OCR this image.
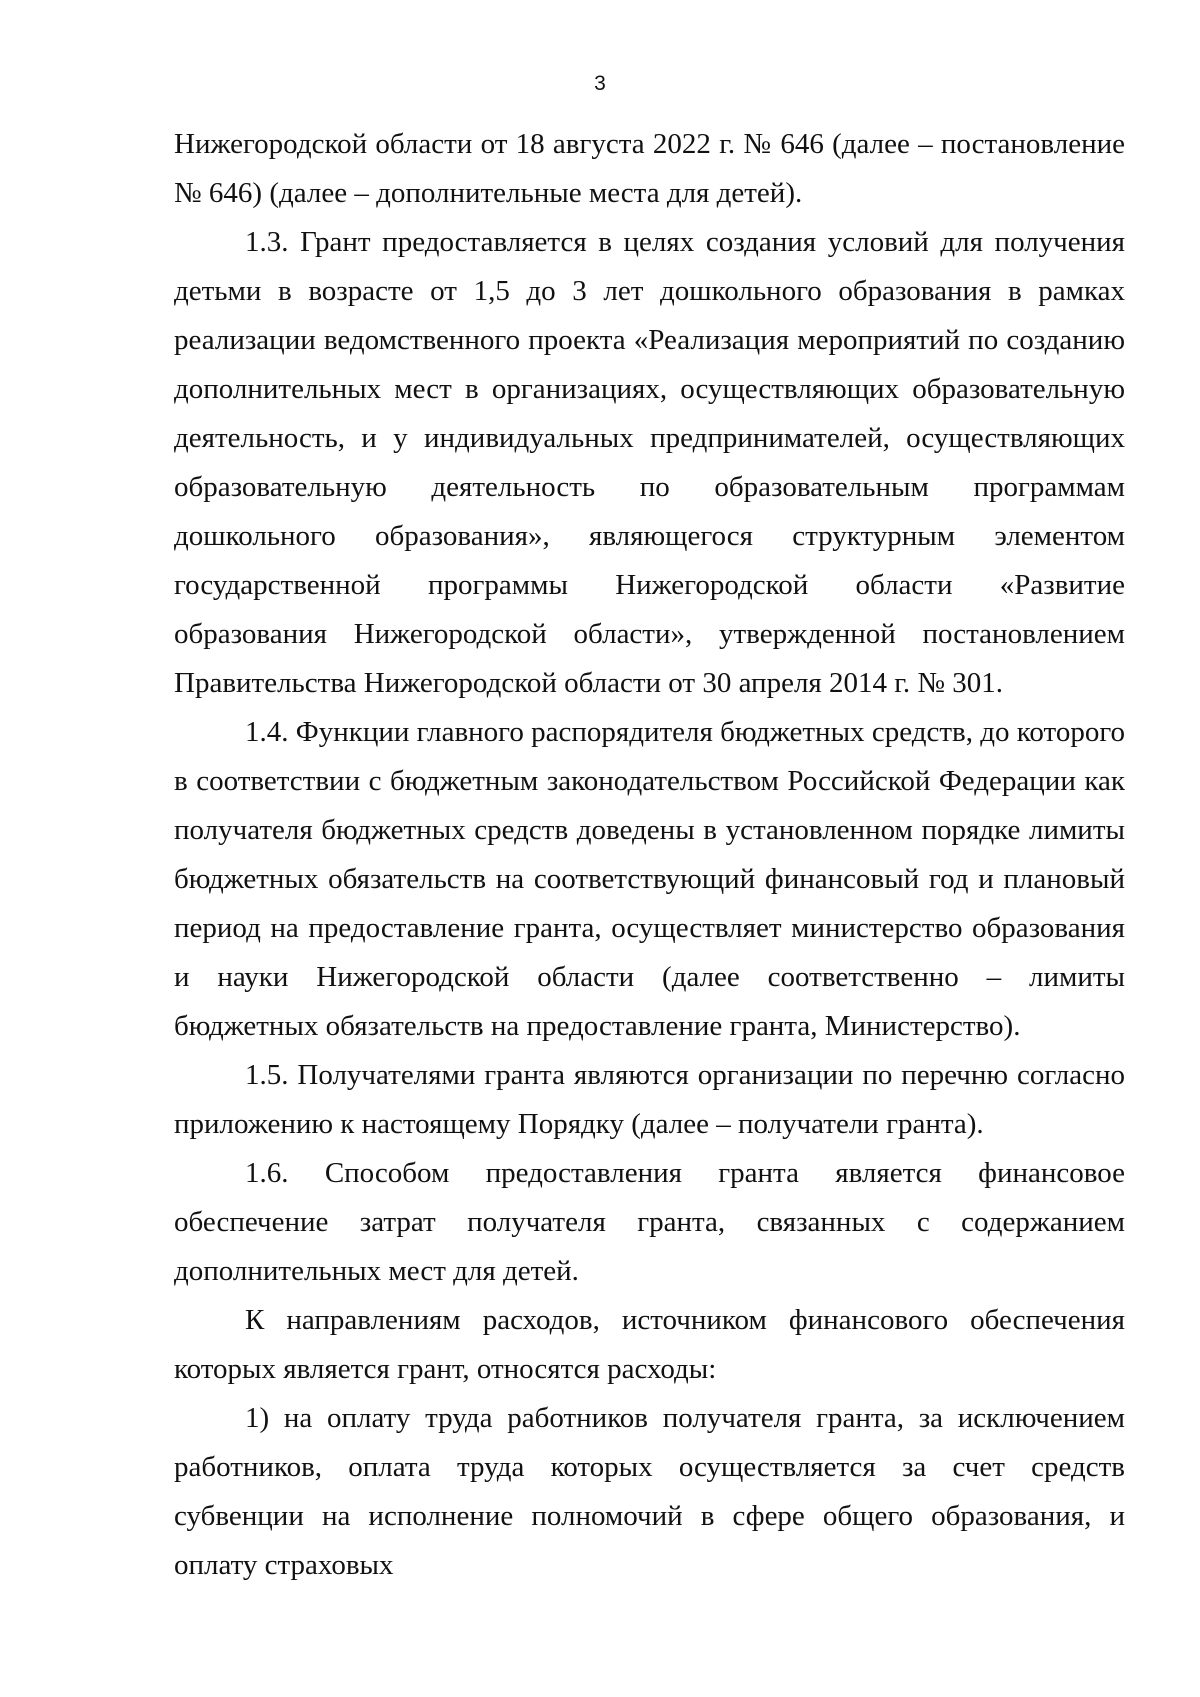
3

Нижегородской области от 18 августа 2022 г. № 646 (далее – постановление № 646) (далее – дополнительные места для детей).

1.3. Грант предоставляется в целях создания условий для получения детьми в возрасте от 1,5 до 3 лет дошкольного образования в рамках реализации ведомственного проекта «Реализация мероприятий по созданию дополнительных мест в организациях, осуществляющих образовательную деятельность, и у индивидуальных предпринимателей, осуществляющих образовательную деятельность по образовательным программам дошкольного образования», являющегося структурным элементом государственной программы Нижегородской области «Развитие образования Нижегородской области», утвержденной постановлением Правительства Нижегородской области от 30 апреля 2014 г. № 301.

1.4. Функции главного распорядителя бюджетных средств, до которого в соответствии с бюджетным законодательством Российской Федерации как получателя бюджетных средств доведены в установленном порядке лимиты бюджетных обязательств на соответствующий финансовый год и плановый период на предоставление гранта, осуществляет министерство образования и науки Нижегородской области (далее соответственно – лимиты бюджетных обязательств на предоставление гранта, Министерство).

1.5. Получателями гранта являются организации по перечню согласно приложению к настоящему Порядку (далее – получатели гранта).

1.6. Способом предоставления гранта является финансовое обеспечение затрат получателя гранта, связанных с содержанием дополнительных мест для детей.

К направлениям расходов, источником финансового обеспечения которых является грант, относятся расходы:

1) на оплату труда работников получателя гранта, за исключением работников, оплата труда которых осуществляется за счет средств субвенции на исполнение полномочий в сфере общего образования, и оплату страховых
